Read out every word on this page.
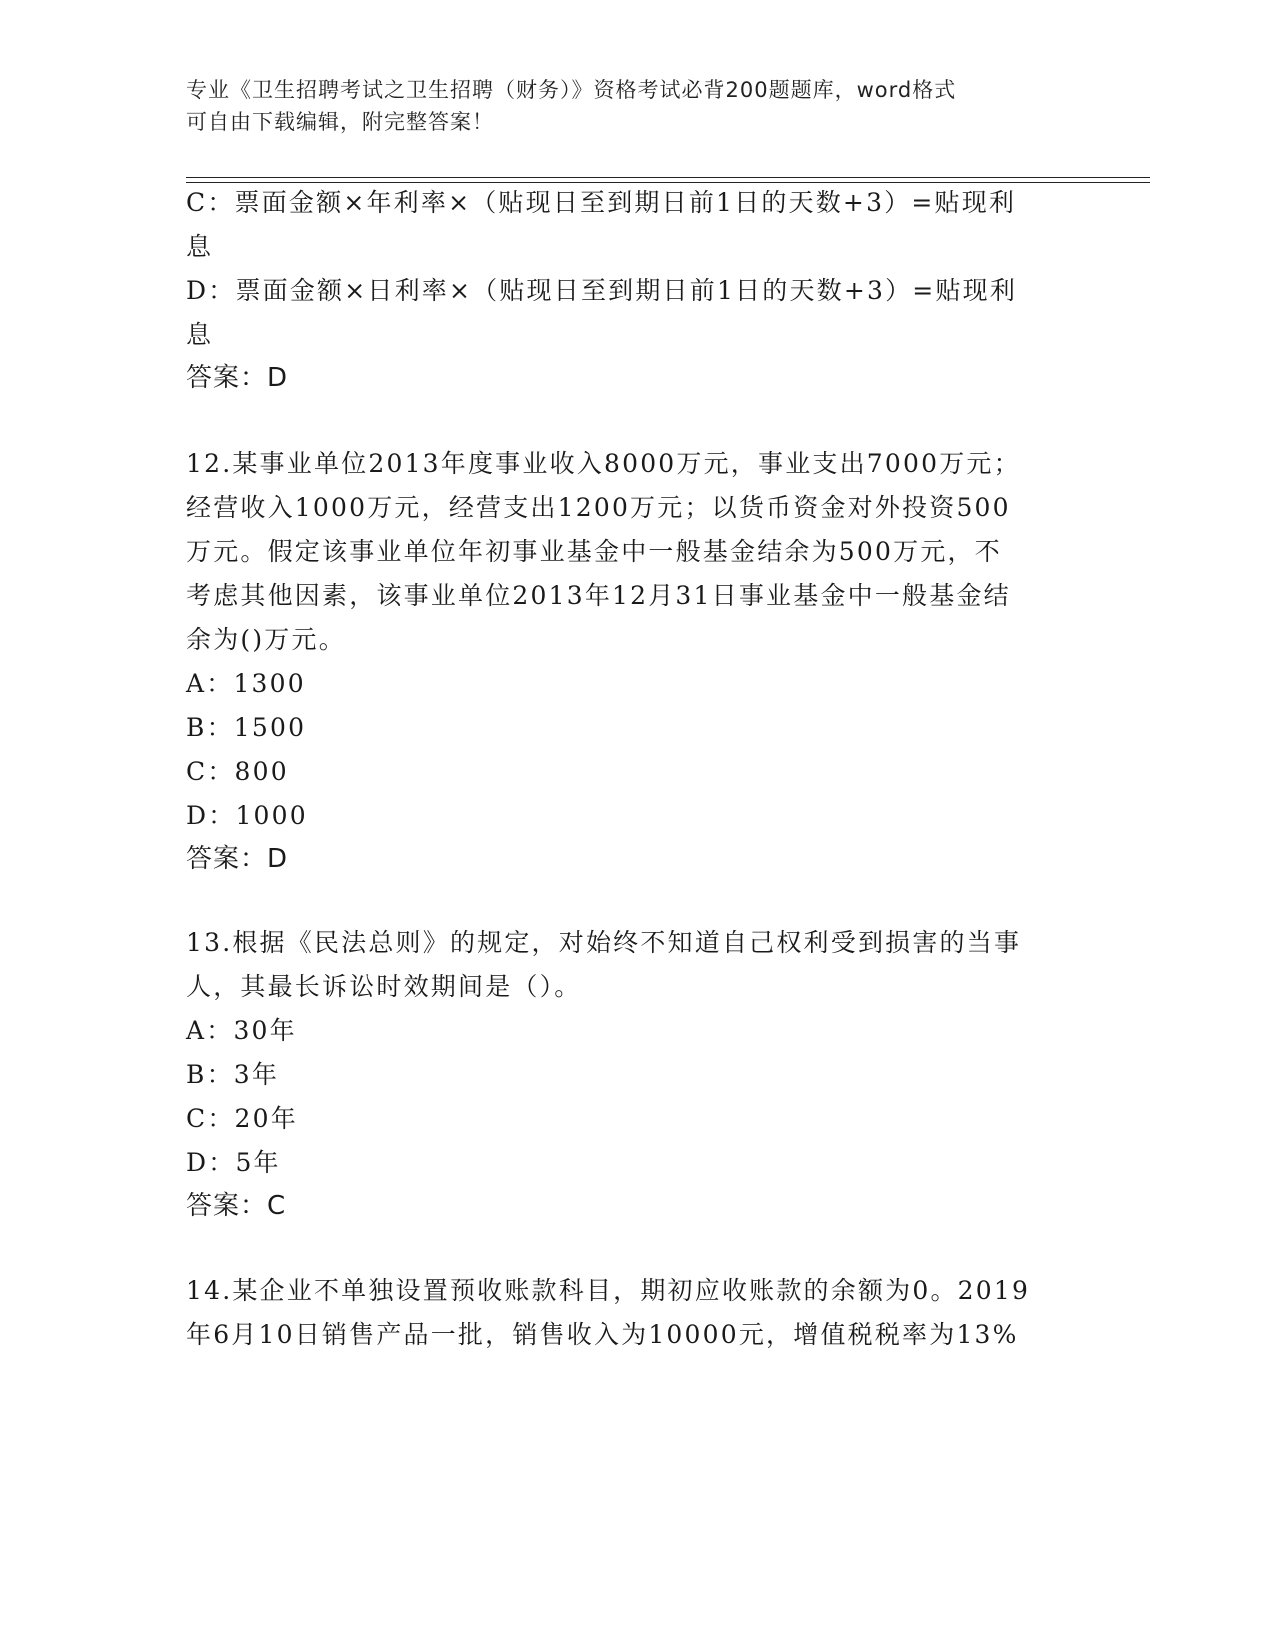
专业《卫生招聘考试之卫生招聘（财务）》资格考试必背200题题库，word格式
可自由下载编辑，附完整答案！
C：票面金额×年利率×（贴现日至到期日前1日的天数+3）=贴现利
息
D：票面金额×日利率×（贴现日至到期日前1日的天数+3）=贴现利
息
答案：D
12.某事业单位2013年度事业收入8000万元，事业支出7000万元；
经营收入1000万元，经营支出1200万元；以货币资金对外投资500
万元。假定该事业单位年初事业基金中一般基金结余为500万元，不
考虑其他因素，该事业单位2013年12月31日事业基金中一般基金结
余为()万元。
A：1300
B：1500
C：800
D：1000
答案：D
13.根据《民法总则》的规定，对始终不知道自己权利受到损害的当事
人，其最长诉讼时效期间是（）。
A：30年
B：3年
C：20年
D：5年
答案：C
14.某企业不单独设置预收账款科目，期初应收账款的余额为0。2019
年6月10日销售产品一批，销售收入为10000元，增值税税率为13%
